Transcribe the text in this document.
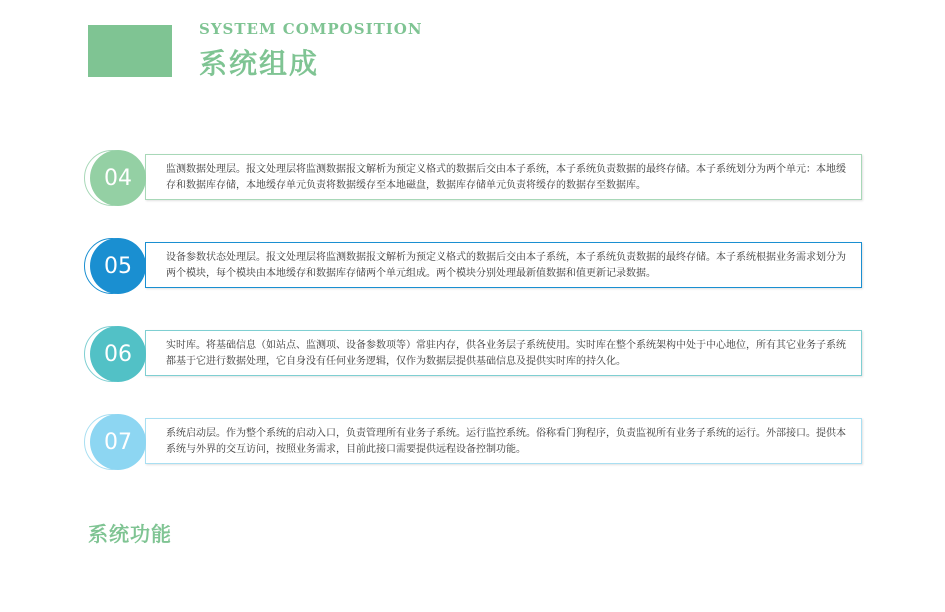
SYSTEM COMPOSITION
系统组成
04	监测数据处理层。报文处理层将监测数据报文解析为预定义格式的数据后交由本子系统，本子系统负责数据的最终存储。本子系统划分为两个单元：本地缓存和数据库存储，本地缓存单元负责将数据缓存至本地磁盘，数据库存储单元负责将缓存的数据存至数据库。
05	设备参数状态处理层。报文处理层将监测数据报文解析为预定义格式的数据后交由本子系统，本子系统负责数据的最终存储。本子系统根据业务需求划分为两个模块，每个模块由本地缓存和数据库存储两个单元组成。两个模块分别处理最新值数据和值更新记录数据。
06	实时库。将基础信息（如站点、监测项、设备参数项等）常驻内存，供各业务层子系统使用。实时库在整个系统架构中处于中心地位，所有其它业务子系统都基于它进行数据处理，它自身没有任何业务逻辑，仅作为数据层提供基础信息及提供实时库的持久化。
07	系统启动层。作为整个系统的启动入口，负责管理所有业务子系统。运行监控系统。俗称看门狗程序，负责监视所有业务子系统的运行。外部接口。提供本系统与外界的交互访问，按照业务需求，目前此接口需要提供远程设备控制功能。
系统功能
